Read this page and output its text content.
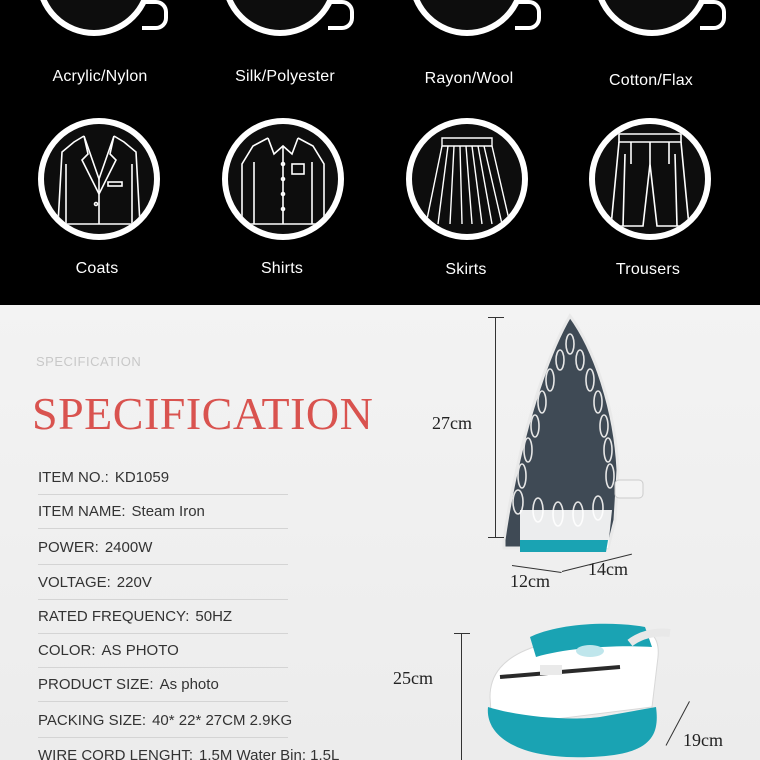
Acrylic/Nylon	Silk/Polyester	Rayon/Wool	Cotton/Flax
Coats	Shirts	Skirts	Trousers
SPECIFICATION
SPECIFICATION
ITEM NO.: KD1059
ITEM NAME: Steam Iron
POWER: 2400W
VOLTAGE: 220V
RATED FREQUENCY: 50HZ
COLOR: AS PHOTO
PRODUCT SIZE: As photo
PACKING SIZE: 40* 22* 27CM 2.9KG
WIRE CORD LENGHT: 1.5M Water Bin: 1.5L
27cm
12cm
14cm
25cm
19cm
